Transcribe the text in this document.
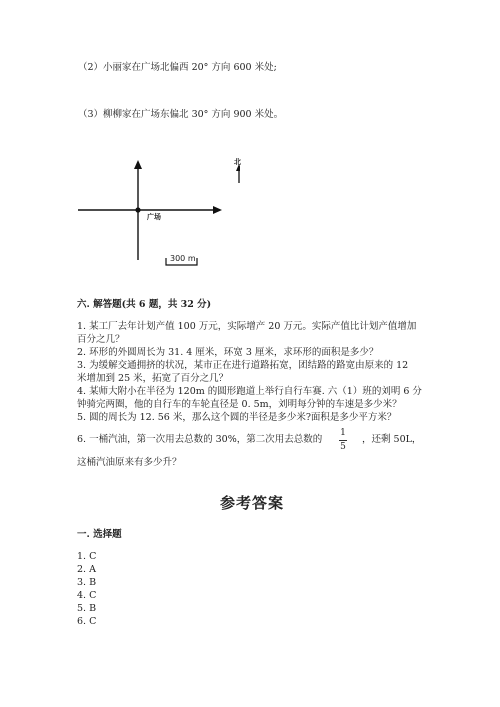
（2）小丽家在广场北偏西 20° 方向 600 米处;
（3）柳柳家在广场东偏北 30° 方向 900 米处。
北
广场
300 m
六. 解答题(共 6 题，共 32 分)
1. 某工厂去年计划产值 100 万元，实际增产 20 万元。实际产值比计划产值增加
百分之几？
2. 环形的外圆周长为 31. 4 厘米，环宽 3 厘米，求环形的面积是多少？
3. 为缓解交通拥挤的状况，某市正在进行道路拓宽，团结路的路宽由原来的 12
米增加到 25 米，拓宽了百分之几？
4. 某师大附小在半径为 120m 的圆形跑道上举行自行车赛. 六（1）班的刘明 6 分
钟骑完两圈，他的自行车的车轮直径是 0. 5m，刘明每分钟的车速是多少米？
5. 圆的周长为 12. 56 米，那么这个圆的半径是多少米?面积是多少平方米？
6. 一桶汽油，第一次用去总数的 30%，第二次用去总数的
1
5
，还剩 50L，
这桶汽油原来有多少升？
参考答案
一. 选择题
1. C
2. A
3. B
4. C
5. B
6. C
